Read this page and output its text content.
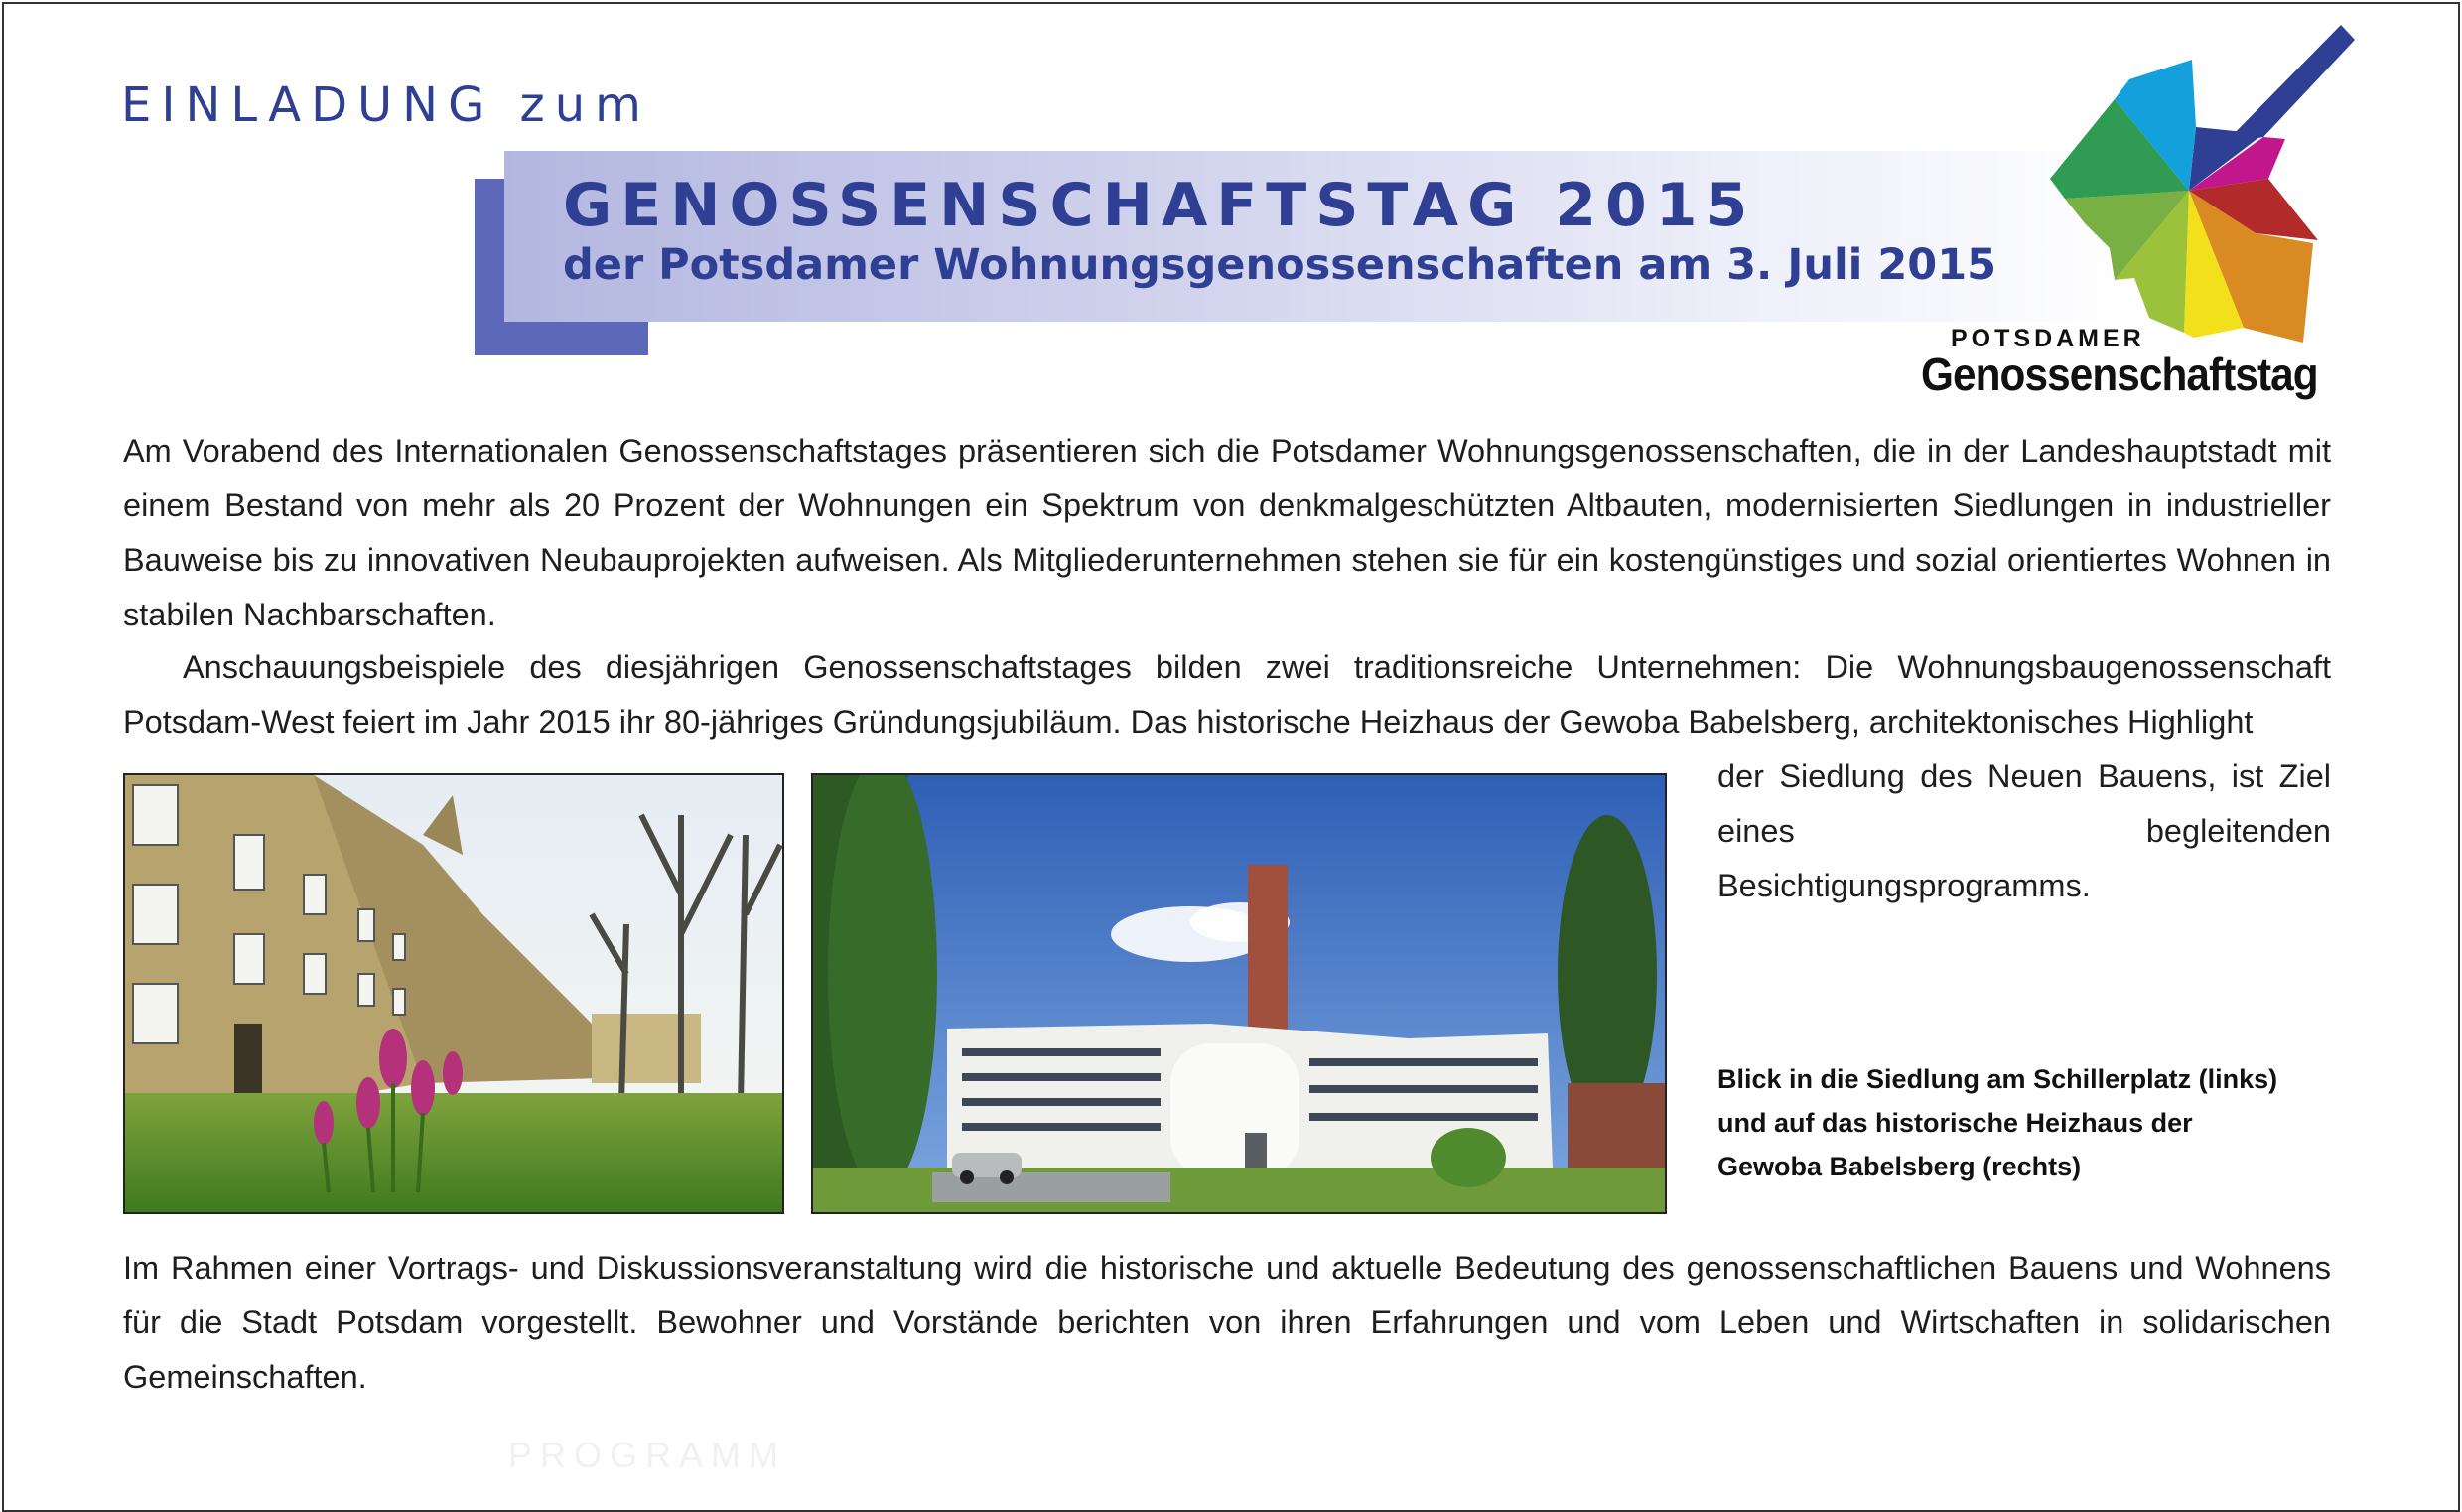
EINLADUNG zum
GENOSSENSCHAFTSTAG 2015
der Potsdamer Wohnungsgenossenschaften am 3. Juli 2015
POTSDAMER
Genossenschaftstag

Am Vorabend des Internationalen Genossenschaftstages präsentieren sich die Potsdamer Wohnungsgenossenschaften, die in der Landeshauptstadt mit einem Bestand von mehr als 20 Prozent der Wohnungen ein Spektrum von denkmalgeschützten Altbauten, modernisierten Siedlungen in industrieller Bauweise bis zu innovativen Neubauprojekten aufweisen. Als Mitgliederunternehmen stehen sie für ein kostengünstiges und sozial orientiertes Wohnen in stabilen Nachbarschaften.

Anschauungsbeispiele des diesjährigen Genossenschaftstages bilden zwei traditionsreiche Unternehmen: Die Wohnungsbaugenossenschaft Potsdam-West feiert im Jahr 2015 ihr 80-jähriges Gründungsjubiläum. Das historische Heizhaus der Gewoba Babelsberg, architektonisches Highlight

der Siedlung des Neuen Bauens, ist Ziel eines begleitenden Besichtigungsprogramms.

Blick in die Siedlung am Schillerplatz (links)
und auf das historische Heizhaus der
Gewoba Babelsberg (rechts)

Im Rahmen einer Vortrags- und Diskussionsveranstaltung wird die historische und aktuelle Bedeutung des genossenschaftlichen Bauens und Wohnens für die Stadt Potsdam vorgestellt. Bewohner und Vorstände berichten von ihren Erfahrungen und vom Leben und Wirtschaften in solidarischen Gemeinschaften.

PROGRAMM
